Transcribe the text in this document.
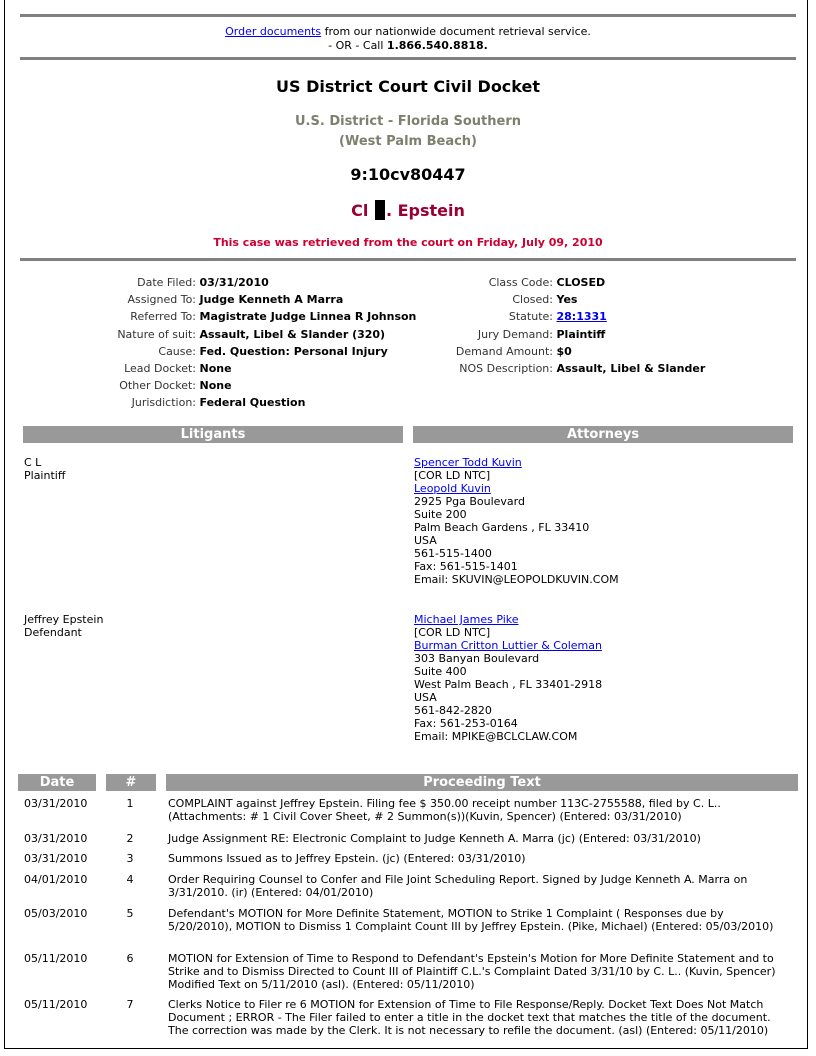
Order documents from our nationwide document retrieval service.
- OR - Call 1.866.540.8818.
US District Court Civil Docket
U.S. District - Florida Southern
(West Palm Beach)
9:10cv80447
Cl . Epstein
This case was retrieved from the court on Friday, July 09, 2010
Date Filed: 03/31/2010
Assigned To: Judge Kenneth A Marra
Referred To: Magistrate Judge Linnea R Johnson
Nature of suit: Assault, Libel & Slander (320)
Cause: Fed. Question: Personal Injury
Lead Docket: None
Other Docket: None
Jurisdiction: Federal Question
Class Code: CLOSED
Closed: Yes
Statute: 28:1331
Jury Demand: Plaintiff
Demand Amount: $0
NOS Description: Assault, Libel & Slander
Litigants	Attorneys
C L
Plaintiff
Spencer Todd Kuvin
[COR LD NTC]
Leopold Kuvin
2925 Pga Boulevard
Suite 200
Palm Beach Gardens , FL 33410
USA
561-515-1400
Fax: 561-515-1401
Email: SKUVIN@LEOPOLDKUVIN.COM
Jeffrey Epstein
Defendant
Michael James Pike
[COR LD NTC]
Burman Critton Luttier & Coleman
303 Banyan Boulevard
Suite 400
West Palm Beach , FL 33401-2918
USA
561-842-2820
Fax: 561-253-0164
Email: MPIKE@BCLCLAW.COM
Date	#	Proceeding Text
03/31/2010	1	COMPLAINT against Jeffrey Epstein. Filing fee $ 350.00 receipt number 113C-2755588, filed by C. L.. (Attachments: # 1 Civil Cover Sheet, # 2 Summon(s))(Kuvin, Spencer) (Entered: 03/31/2010)
03/31/2010	2	Judge Assignment RE: Electronic Complaint to Judge Kenneth A. Marra (jc) (Entered: 03/31/2010)
03/31/2010	3	Summons Issued as to Jeffrey Epstein. (jc) (Entered: 03/31/2010)
04/01/2010	4	Order Requiring Counsel to Confer and File Joint Scheduling Report. Signed by Judge Kenneth A. Marra on 3/31/2010. (ir) (Entered: 04/01/2010)
05/03/2010	5	Defendant's MOTION for More Definite Statement, MOTION to Strike 1 Complaint ( Responses due by 5/20/2010), MOTION to Dismiss 1 Complaint Count III by Jeffrey Epstein. (Pike, Michael) (Entered: 05/03/2010)
05/11/2010	6	MOTION for Extension of Time to Respond to Defendant's Epstein's Motion for More Definite Statement and to Strike and to Dismiss Directed to Count III of Plaintiff C.L.'s Complaint Dated 3/31/10 by C. L.. (Kuvin, Spencer) Modified Text on 5/11/2010 (asl). (Entered: 05/11/2010)
05/11/2010	7	Clerks Notice to Filer re 6 MOTION for Extension of Time to File Response/Reply. Docket Text Does Not Match Document ; ERROR - The Filer failed to enter a title in the docket text that matches the title of the document. The correction was made by the Clerk. It is not necessary to refile the document. (asl) (Entered: 05/11/2010)
